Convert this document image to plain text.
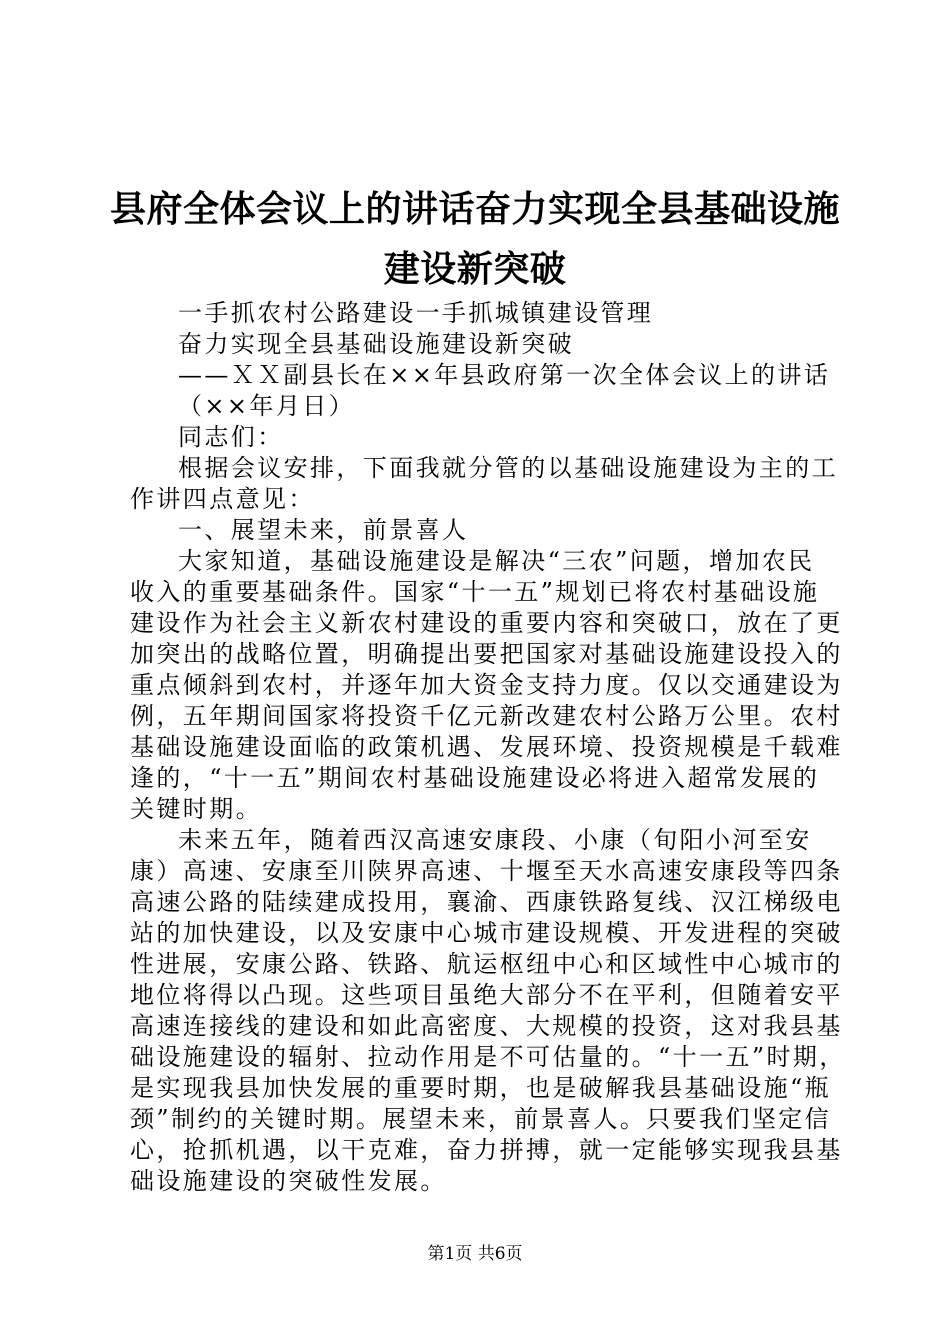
县府全体会议上的讲话奋力实现全县基础设施
建设新突破
一手抓农村公路建设一手抓城镇建设管理
奋力实现全县基础设施建设新突破
——ＸＸ副县长在××年县政府第一次全体会议上的讲话
（××年月日）
同志们：
根据会议安排，下面我就分管的以基础设施建设为主的工
作讲四点意见：
一、展望未来，前景喜人
大家知道，基础设施建设是解决“三农”问题，增加农民
收入的重要基础条件。国家“十一五”规划已将农村基础设施
建设作为社会主义新农村建设的重要内容和突破口，放在了更
加突出的战略位置，明确提出要把国家对基础设施建设投入的
重点倾斜到农村，并逐年加大资金支持力度。仅以交通建设为
例，五年期间国家将投资千亿元新改建农村公路万公里。农村
基础设施建设面临的政策机遇、发展环境、投资规模是千载难
逢的，“十一五”期间农村基础设施建设必将进入超常发展的
关键时期。
未来五年，随着西汉高速安康段、小康（旬阳小河至安
康）高速、安康至川陕界高速、十堰至天水高速安康段等四条
高速公路的陆续建成投用，襄渝、西康铁路复线、汉江梯级电
站的加快建设，以及安康中心城市建设规模、开发进程的突破
性进展，安康公路、铁路、航运枢纽中心和区域性中心城市的
地位将得以凸现。这些项目虽绝大部分不在平利，但随着安平
高速连接线的建设和如此高密度、大规模的投资，这对我县基
础设施建设的辐射、拉动作用是不可估量的。“十一五”时期，
是实现我县加快发展的重要时期，也是破解我县基础设施“瓶
颈”制约的关键时期。展望未来，前景喜人。只要我们坚定信
心，抢抓机遇，以干克难，奋力拼搏，就一定能够实现我县基
础设施建设的突破性发展。
第1页 共6页
